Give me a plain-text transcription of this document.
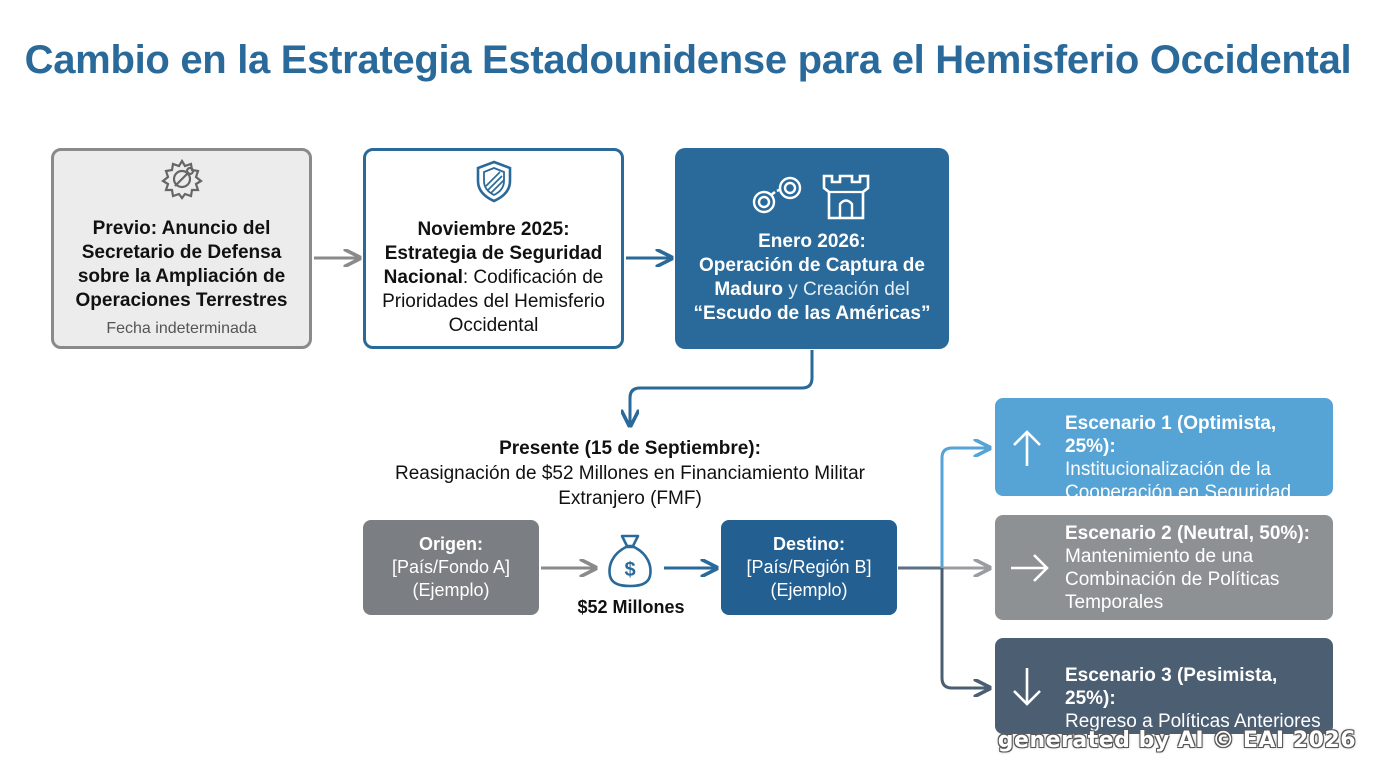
Cambio en la Estrategia Estadounidense para el Hemisferio Occidental
Previo: Anuncio del Secretario de Defensa sobre la Ampliación de Operaciones Terrestres
Fecha indeterminada
Noviembre 2025: Estrategia de Seguridad Nacional: Codificación de Prioridades del Hemisferio Occidental
Enero 2026:
Operación de Captura de Maduro y Creación del “Escudo de las Américas”
Presente (15 de Septiembre):
Reasignación de $52 Millones en Financiamiento Militar Extranjero (FMF)
Origen:
[País/Fondo A]
(Ejemplo)
$
$52 Millones
Destino:
[País/Región B]
(Ejemplo)
Escenario 1 (Optimista, 25%):
Institucionalización de la Cooperación en Seguridad
Escenario 2 (Neutral, 50%):
Mantenimiento de una Combinación de Políticas Temporales
Escenario 3 (Pesimista, 25%):
Regreso a Políticas Anteriores
generated by AI © EAI 2026
